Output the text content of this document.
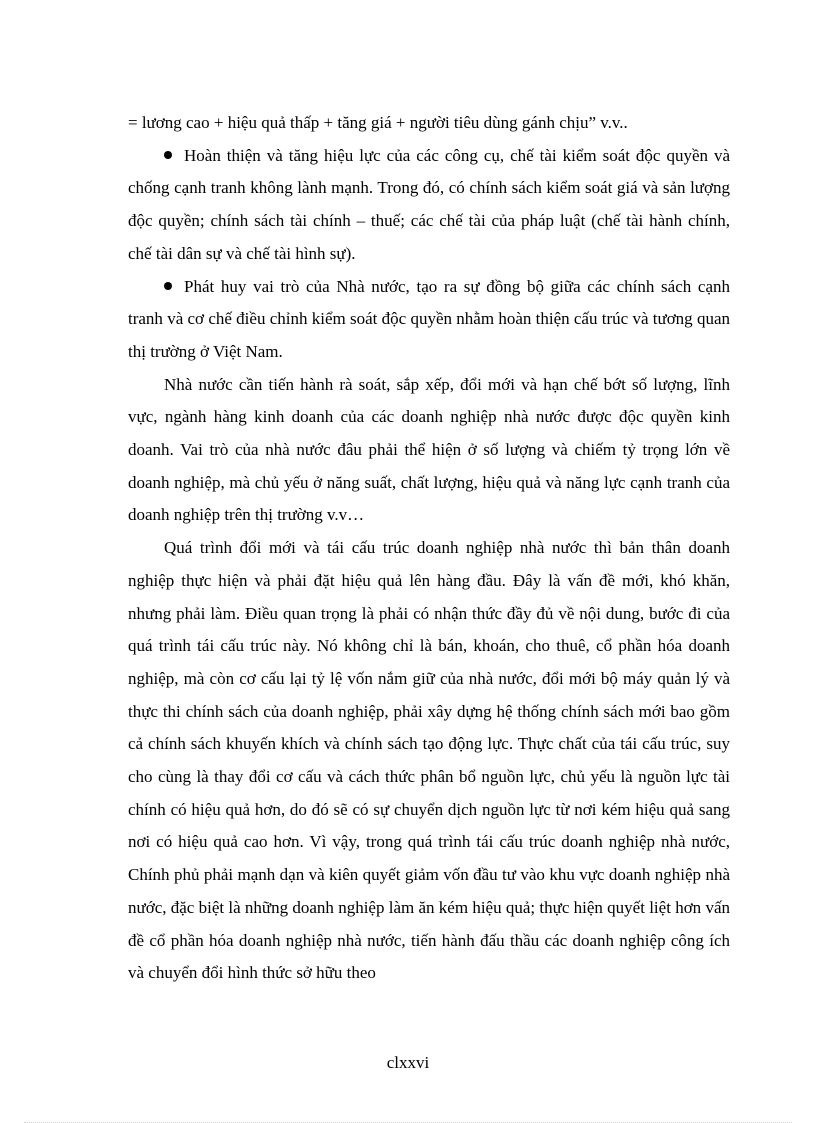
= lương cao + hiệu quả thấp + tăng giá + người tiêu dùng gánh chịu” v.v..

Hoàn thiện và tăng hiệu lực của các công cụ, chế tài kiểm soát độc quyền và chống cạnh tranh không lành mạnh. Trong đó, có chính sách kiểm soát giá và sản lượng độc quyền; chính sách tài chính – thuế; các chế tài của pháp luật (chế tài hành chính, chế tài dân sự và chế tài hình sự).

Phát huy vai trò của Nhà nước, tạo ra sự đồng bộ giữa các chính sách cạnh tranh và cơ chế điều chỉnh kiểm soát độc quyền nhằm hoàn thiện cấu trúc và tương quan thị trường ở Việt Nam.

Nhà nước cần tiến hành rà soát, sắp xếp, đổi mới và hạn chế bớt số lượng, lĩnh vực, ngành hàng kinh doanh của các doanh nghiệp nhà nước được độc quyền kinh doanh. Vai trò của nhà nước đâu phải thể hiện ở số lượng và chiếm tỷ trọng lớn về doanh nghiệp, mà chủ yếu ở năng suất, chất lượng, hiệu quả và năng lực cạnh tranh của doanh nghiệp trên thị trường v.v…

Quá trình đổi mới và tái cấu trúc doanh nghiệp nhà nước thì bản thân doanh nghiệp thực hiện và phải đặt hiệu quả lên hàng đầu. Đây là vấn đề mới, khó khăn, nhưng phải làm. Điều quan trọng là phải có nhận thức đầy đủ về nội dung, bước đi của quá trình tái cấu trúc này. Nó không chỉ là bán, khoán, cho thuê, cổ phần hóa doanh nghiệp, mà còn cơ cấu lại tỷ lệ vốn nắm giữ của nhà nước, đổi mới bộ máy quản lý và thực thi chính sách của doanh nghiệp, phải xây dựng hệ thống chính sách mới bao gồm cả chính sách khuyến khích và chính sách tạo động lực. Thực chất của tái cấu trúc, suy cho cùng là thay đổi cơ cấu và cách thức phân bổ nguồn lực, chủ yếu là nguồn lực tài chính có hiệu quả hơn, do đó sẽ có sự chuyển dịch nguồn lực từ nơi kém hiệu quả sang nơi có hiệu quả cao hơn. Vì vậy, trong quá trình tái cấu trúc doanh nghiệp nhà nước, Chính phủ phải mạnh dạn và kiên quyết giảm vốn đầu tư vào khu vực doanh nghiệp nhà nước, đặc biệt là những doanh nghiệp làm ăn kém hiệu quả; thực hiện quyết liệt hơn vấn đề cổ phần hóa doanh nghiệp nhà nước, tiến hành đấu thầu các doanh nghiệp công ích và chuyển đổi hình thức sở hữu theo

clxxvi
